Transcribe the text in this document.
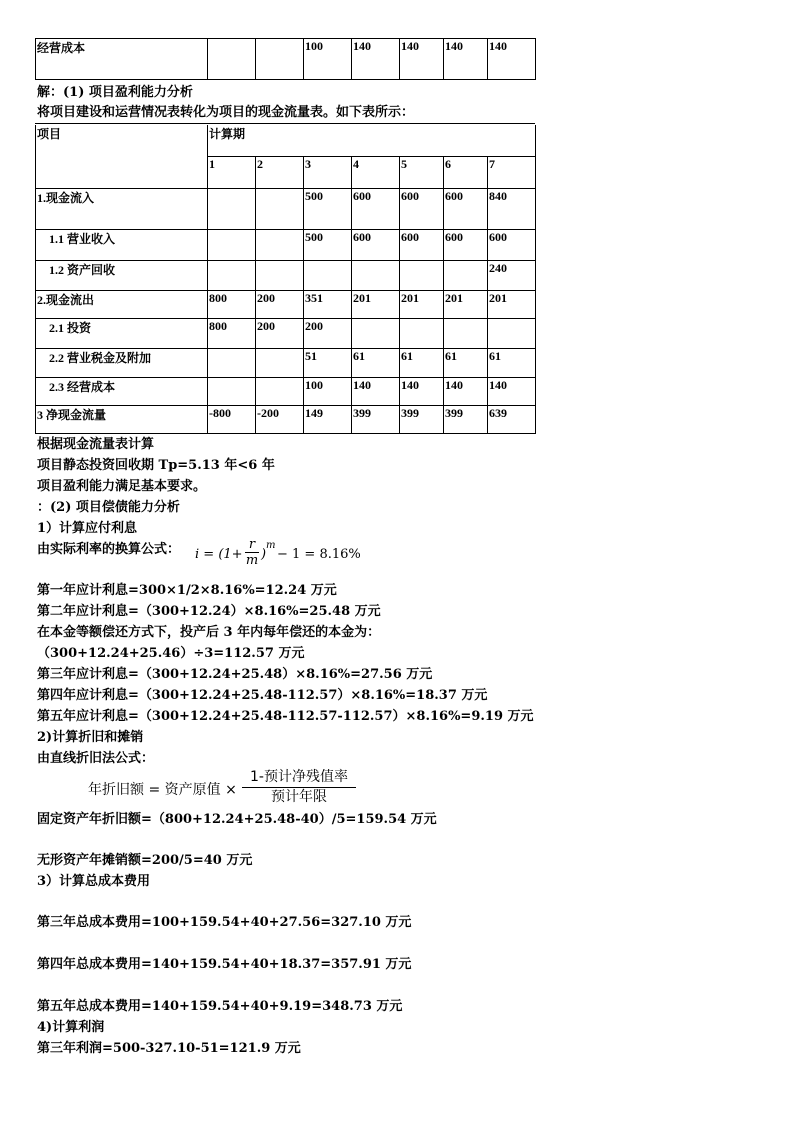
经营成本			100	140	140	140	140
解：(1) 项目盈利能力分析
将项目建设和运营情况表转化为项目的现金流量表。如下表所示：
项目	计算期						
	1	2	3	4	5	6	7
1.现金流入			500	600	600	600	840
1.1 营业收入			500	600	600	600	600
1.2 资产回收							240
2.现金流出	800	200	351	201	201	201	201
2.1 投资	800	200	200				
2.2 营业税金及附加			51	61	61	61	61
2.3 经营成本			100	140	140	140	140
3 净现金流量	-800	-200	149	399	399	399	639
根据现金流量表计算
项目静态投资回收期 Tp=5.13 年<6 年
项目盈利能力满足基本要求。
：(2) 项目偿债能力分析
1）计算应付利息
由实际利率的换算公式： $i = (1+ \frac{r}{m}$ )
m
− 1 = 8.16%
第一年应计利息=300×1/2×8.16%=12.24 万元
第二年应计利息=（300+12.24）×8.16%=25.48 万元
在本金等额偿还方式下，投产后 3 年内每年偿还的本金为：
（300+12.24+25.46）÷3=112.57 万元
第三年应计利息=（300+12.24+25.48）×8.16%=27.56 万元
第四年应计利息=（300+12.24+25.48-112.57）×8.16%=18.37 万元
第五年应计利息=（300+12.24+25.48-112.57-112.57）×8.16%=9.19 万元
2)计算折旧和摊销
由直线折旧法公式：
年折旧额 = 资产原值 ×
1-预计净残值率
预计年限
固定资产年折旧额=（800+12.24+25.48-40）/5=159.54 万元
无形资产年摊销额=200/5=40 万元
3）计算总成本费用
第三年总成本费用=100+159.54+40+27.56=327.10 万元
第四年总成本费用=140+159.54+40+18.37=357.91 万元
第五年总成本费用=140+159.54+40+9.19=348.73 万元
4)计算利润
第三年利润=500-327.10-51=121.9 万元
